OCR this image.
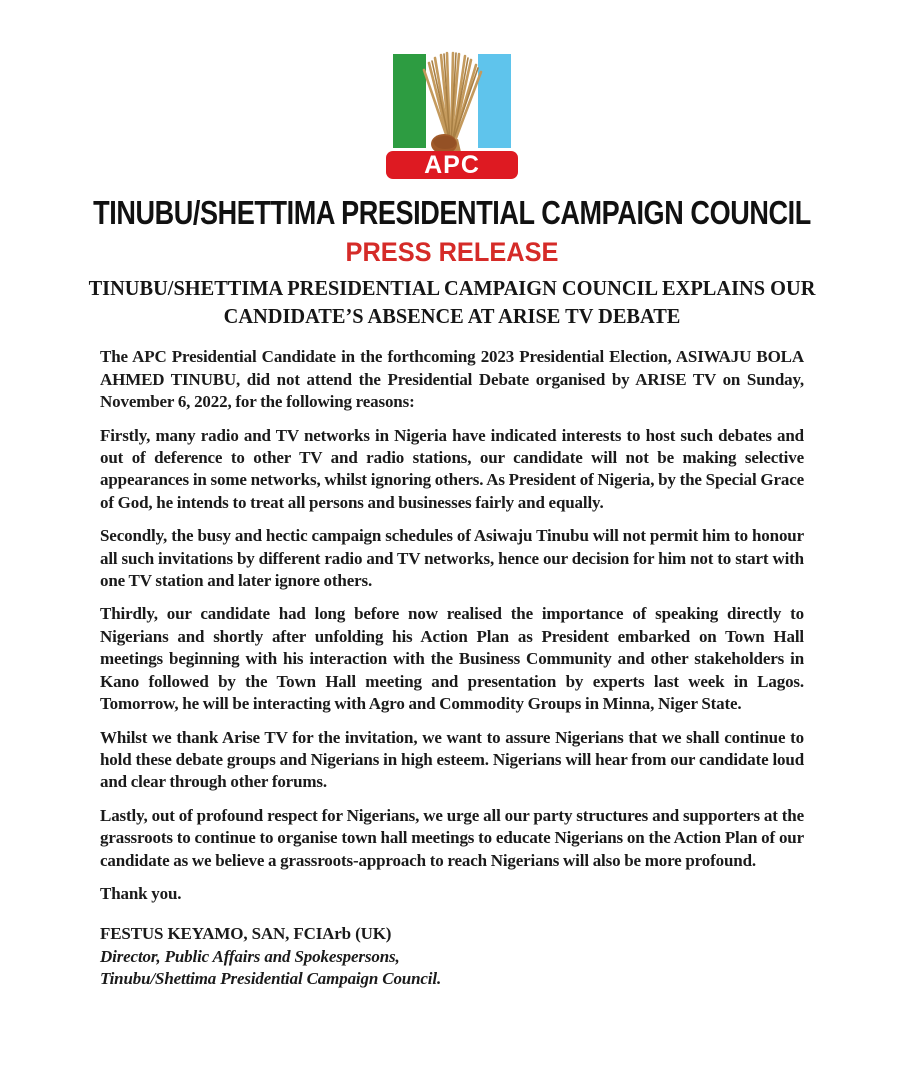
APC
TINUBU/SHETTIMA PRESIDENTIAL CAMPAIGN COUNCIL
PRESS RELEASE
TINUBU/SHETTIMA PRESIDENTIAL CAMPAIGN COUNCIL EXPLAINS OUR
CANDIDATE’S ABSENCE AT ARISE TV DEBATE

The APC Presidential Candidate in the forthcoming 2023 Presidential Election, ASIWAJU BOLA AHMED TINUBU, did not attend the Presidential Debate organised by ARISE TV on Sunday, November 6, 2022, for the following reasons:

Firstly, many radio and TV networks in Nigeria have indicated interests to host such debates and out of deference to other TV and radio stations, our candidate will not be making selective appearances in some networks, whilst ignoring others. As President of Nigeria, by the Special Grace of God, he intends to treat all persons and businesses fairly and equally.

Secondly, the busy and hectic campaign schedules of Asiwaju Tinubu will not permit him to honour all such invitations by different radio and TV networks, hence our decision for him not to start with one TV station and later ignore others.

Thirdly, our candidate had long before now realised the importance of speaking directly to Nigerians and shortly after unfolding his Action Plan as President embarked on Town Hall meetings beginning with his interaction with the Business Community and other stakeholders in Kano followed by the Town Hall meeting and presentation by experts last week in Lagos. Tomorrow, he will be interacting with Agro and Commodity Groups in Minna, Niger State.

Whilst we thank Arise TV for the invitation, we want to assure Nigerians that we shall continue to hold these debate groups and Nigerians in high esteem. Nigerians will hear from our candidate loud and clear through other forums.

Lastly, out of profound respect for Nigerians, we urge all our party structures and supporters at the grassroots to continue to organise town hall meetings to educate Nigerians on the Action Plan of our candidate as we believe a grassroots-approach to reach Nigerians will also be more profound.

Thank you.

FESTUS KEYAMO, SAN, FCIArb (UK)
Director, Public Affairs and Spokespersons,
Tinubu/Shettima Presidential Campaign Council.
